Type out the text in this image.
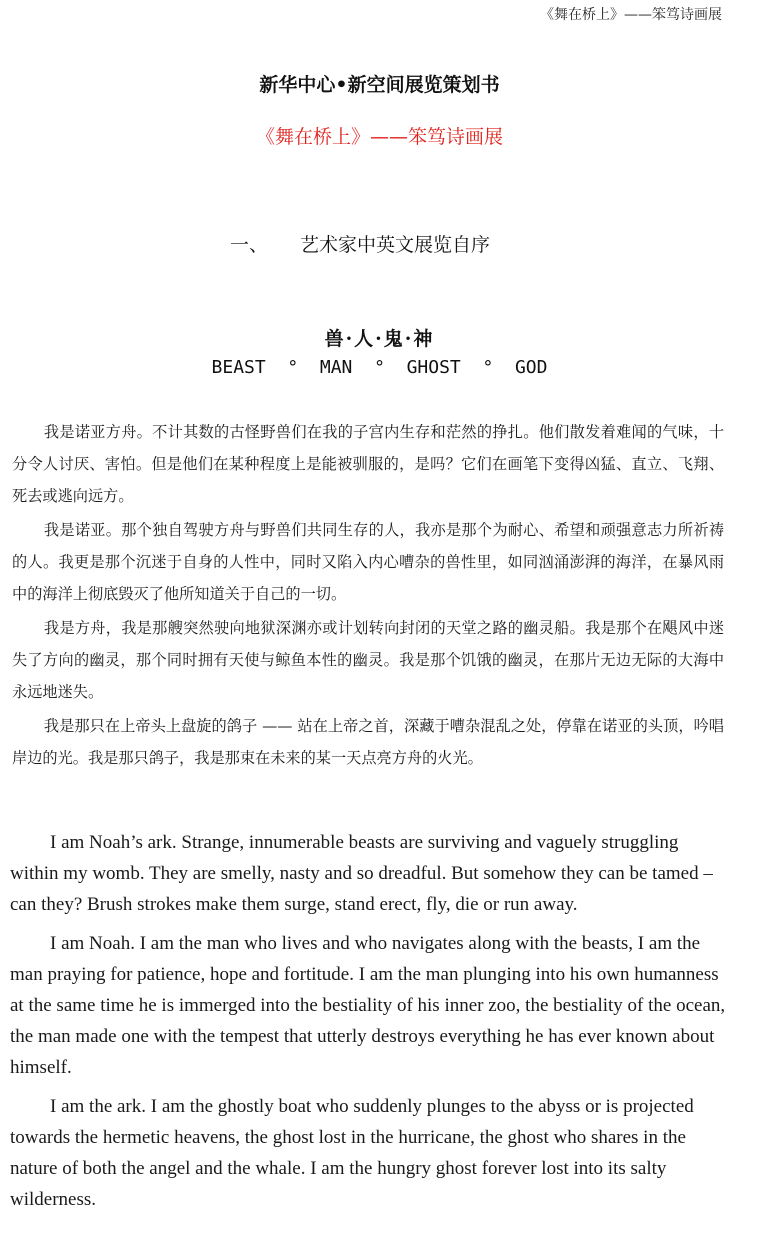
《舞在桥上》——笨笃诗画展
新华中心•新空间展览策划书
《舞在桥上》——笨笃诗画展
一、 艺术家中英文展览自序
兽·人·鬼·神
BEAST  °  MAN  °  GHOST  °  GOD

我是诺亚方舟。不计其数的古怪野兽们在我的子宫内生存和茫然的挣扎。他们散发着难闻的气味，十分令人讨厌、害怕。但是他们在某种程度上是能被驯服的，是吗？它们在画笔下变得凶猛、直立、飞翔、死去或逃向远方。

我是诺亚。那个独自驾驶方舟与野兽们共同生存的人，我亦是那个为耐心、希望和顽强意志力所祈祷的人。我更是那个沉迷于自身的人性中，同时又陷入内心嘈杂的兽性里，如同汹涌澎湃的海洋，在暴风雨中的海洋上彻底毁灭了他所知道关于自己的一切。

我是方舟，我是那艘突然驶向地狱深渊亦或计划转向封闭的天堂之路的幽灵船。我是那个在飓风中迷失了方向的幽灵，那个同时拥有天使与鲸鱼本性的幽灵。我是那个饥饿的幽灵，在那片无边无际的大海中永远地迷失。

我是那只在上帝头上盘旋的鸽子 —— 站在上帝之首，深藏于嘈杂混乱之处，停靠在诺亚的头顶，吟唱岸边的光。我是那只鸽子，我是那束在未来的某一天点亮方舟的火光。

I am Noah’s ark. Strange, innumerable beasts are surviving and vaguely struggling within my womb. They are smelly, nasty and so dreadful. But somehow they can be tamed – can they? Brush strokes make them surge, stand erect, fly, die or run away.

I am Noah. I am the man who lives and who navigates along with the beasts, I am the man praying for patience, hope and fortitude. I am the man plunging into his own humanness at the same time he is immerged into the bestiality of his inner zoo, the bestiality of the ocean, the man made one with the tempest that utterly destroys everything he has ever known about himself.

I am the ark. I am the ghostly boat who suddenly plunges to the abyss or is projected towards the hermetic heavens, the ghost lost in the hurricane, the ghost who shares in the nature of both the angel and the whale. I am the hungry ghost forever lost into its salty wilderness.
